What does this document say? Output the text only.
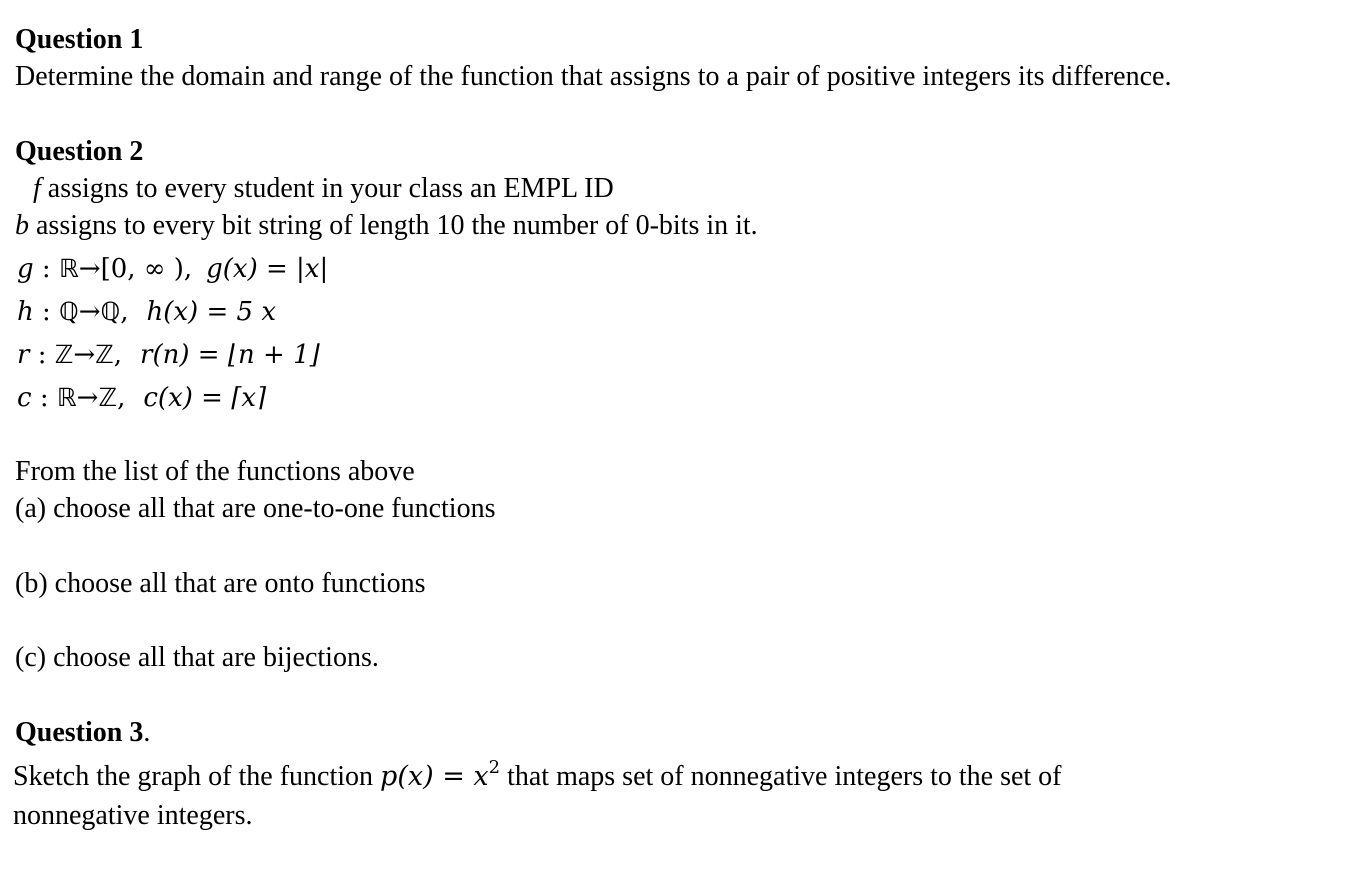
Question 1
Determine the domain and range of the function that assigns to a pair of positive integers its difference.
Question 2
f assigns to every student in your class an EMPL ID
b assigns to every bit string of length 10 the number of 0-bits in it.
g : ℝ→[0, ∞ ), g(x) = |x|
h : ℚ→ℚ, h(x) = 5 x
r : ℤ→ℤ, r(n) = ⌊n + 1⌋
c : ℝ→ℤ, c(x) = ⌈x⌉
From the list of the functions above
(a) choose all that are one-to-one functions
(b) choose all that are onto functions
(c) choose all that are bijections.
Question 3.
Sketch the graph of the function $p(x) = x^2$ that maps set of nonnegative integers to the set of
nonnegative integers.
